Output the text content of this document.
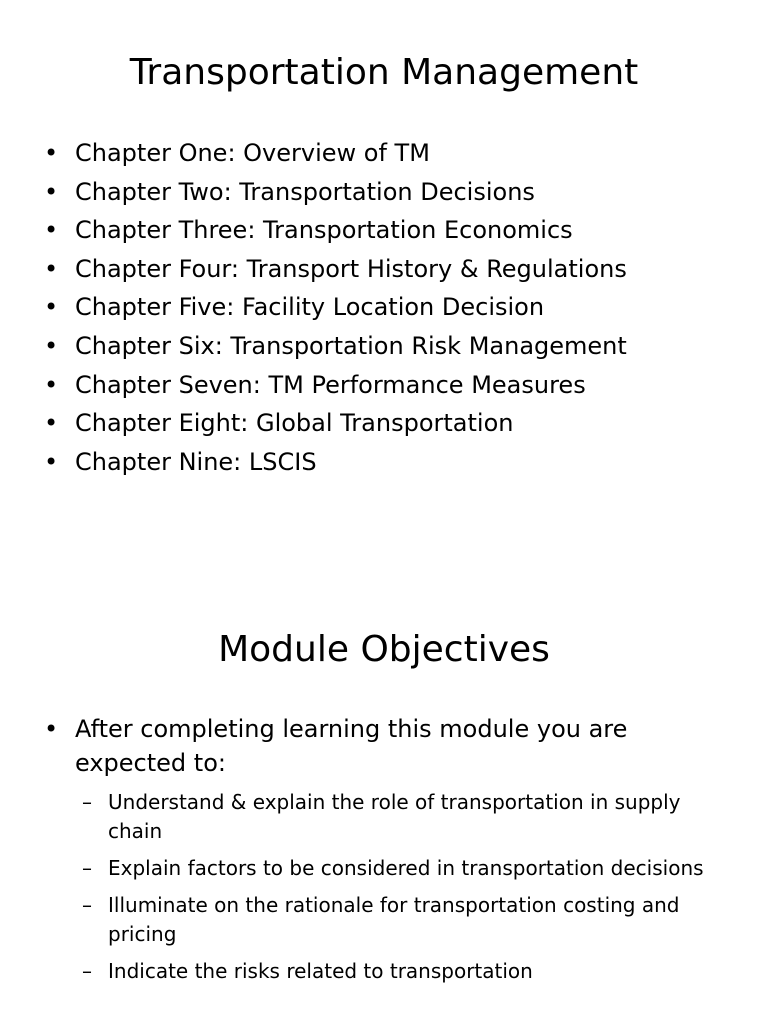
Transportation Management
• Chapter One: Overview of TM
• Chapter Two: Transportation Decisions
• Chapter Three: Transportation Economics
• Chapter Four: Transport History & Regulations
• Chapter Five: Facility Location Decision
• Chapter Six: Transportation Risk Management
• Chapter Seven: TM Performance Measures
• Chapter Eight: Global Transportation
• Chapter Nine: LSCIS
Module Objectives
• After completing learning this module you are expected to:
– Understand & explain the role of transportation in supply chain
– Explain factors to be considered in transportation decisions
– Illuminate on the rationale for transportation costing and pricing
– Indicate the risks related to transportation
